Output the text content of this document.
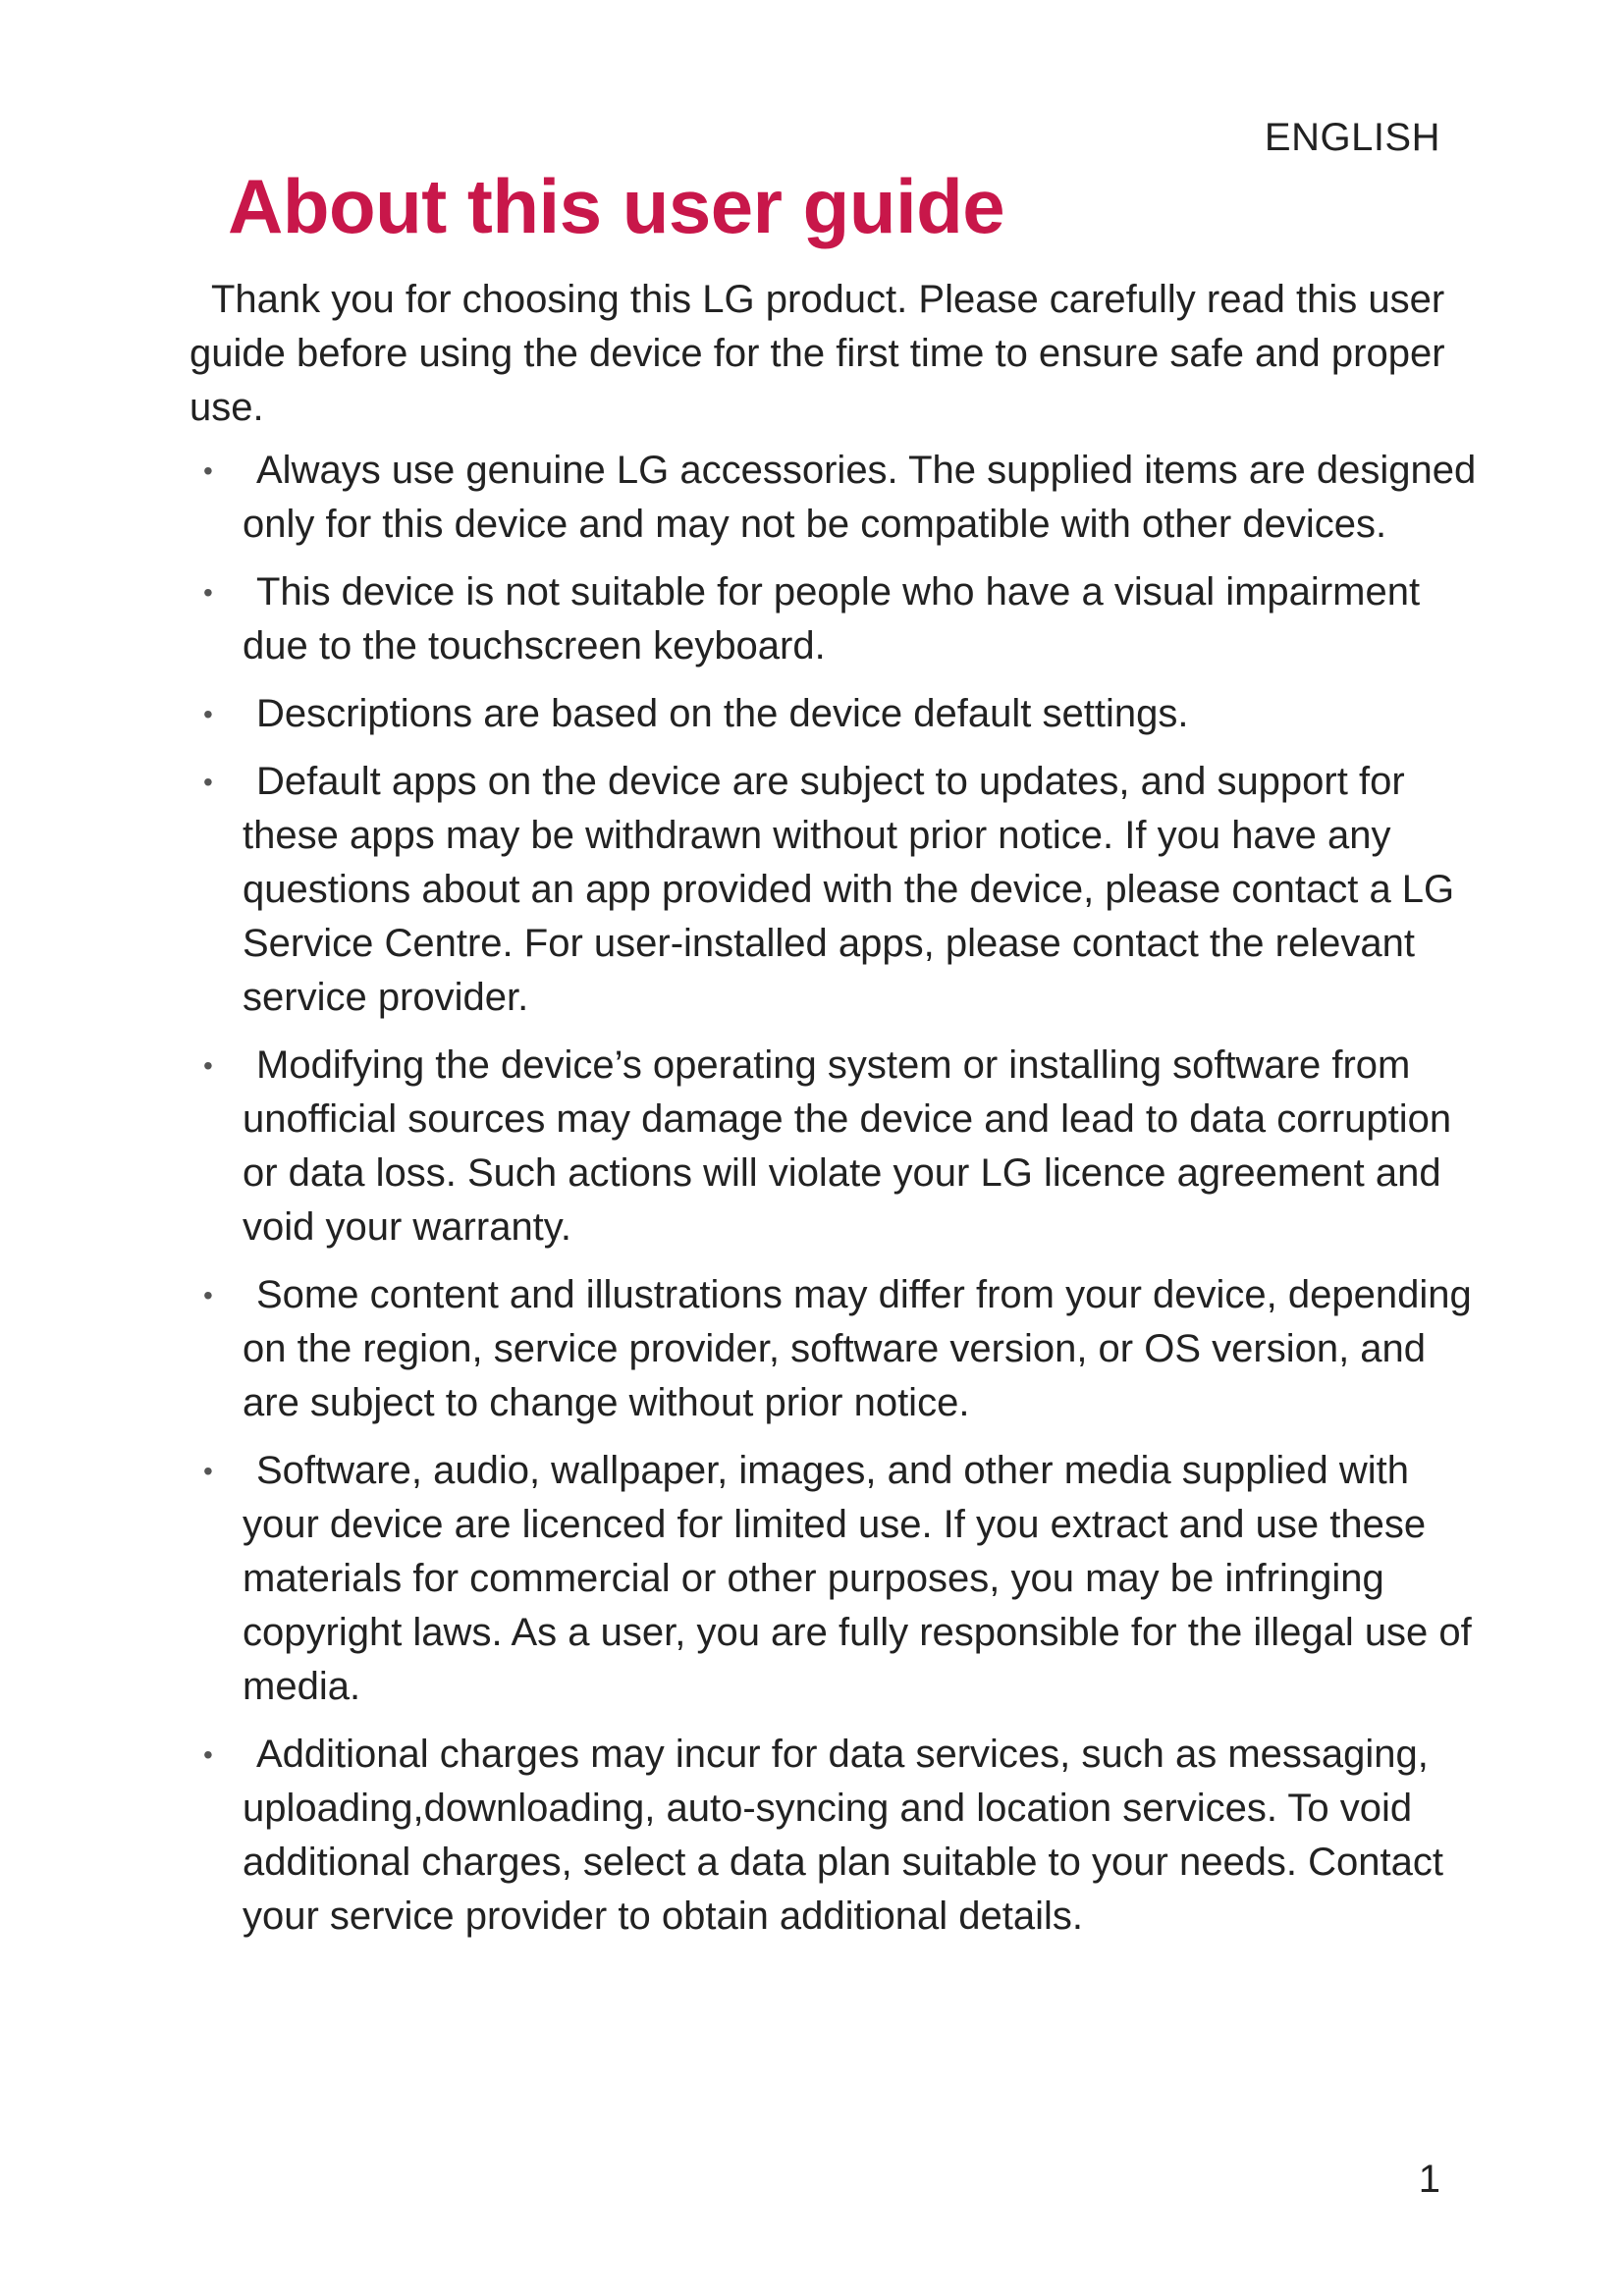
ENGLISH
About this user guide

Thank you for choosing this LG product. Please carefully read this user guide before using the device for the first time to ensure safe and proper use.

•	Always use genuine LG accessories. The supplied items are designed only for this device and may not be compatible with other devices.
•	This device is not suitable for people who have a visual impairment due to the touchscreen keyboard.
•	Descriptions are based on the device default settings.
•	Default apps on the device are subject to updates, and support for these apps may be withdrawn without prior notice. If you have any questions about an app provided with the device, please contact a LG Service Centre. For user-installed apps, please contact the relevant service provider.
•	Modifying the device’s operating system or installing software from unofficial sources may damage the device and lead to data corruption or data loss. Such actions will violate your LG licence agreement and void your warranty.
•	Some content and illustrations may differ from your device, depending on the region, service provider, software version, or OS version, and are subject to change without prior notice.
•	Software, audio, wallpaper, images, and other media supplied with your device are licenced for limited use. If you extract and use these materials for commercial or other purposes, you may be infringing copyright laws. As a user, you are fully responsible for the illegal use of media.
•	Additional charges may incur for data services, such as messaging, uploading,downloading, auto-syncing and location services. To void additional charges, select a data plan suitable to your needs. Contact your service provider to obtain additional details.
1
